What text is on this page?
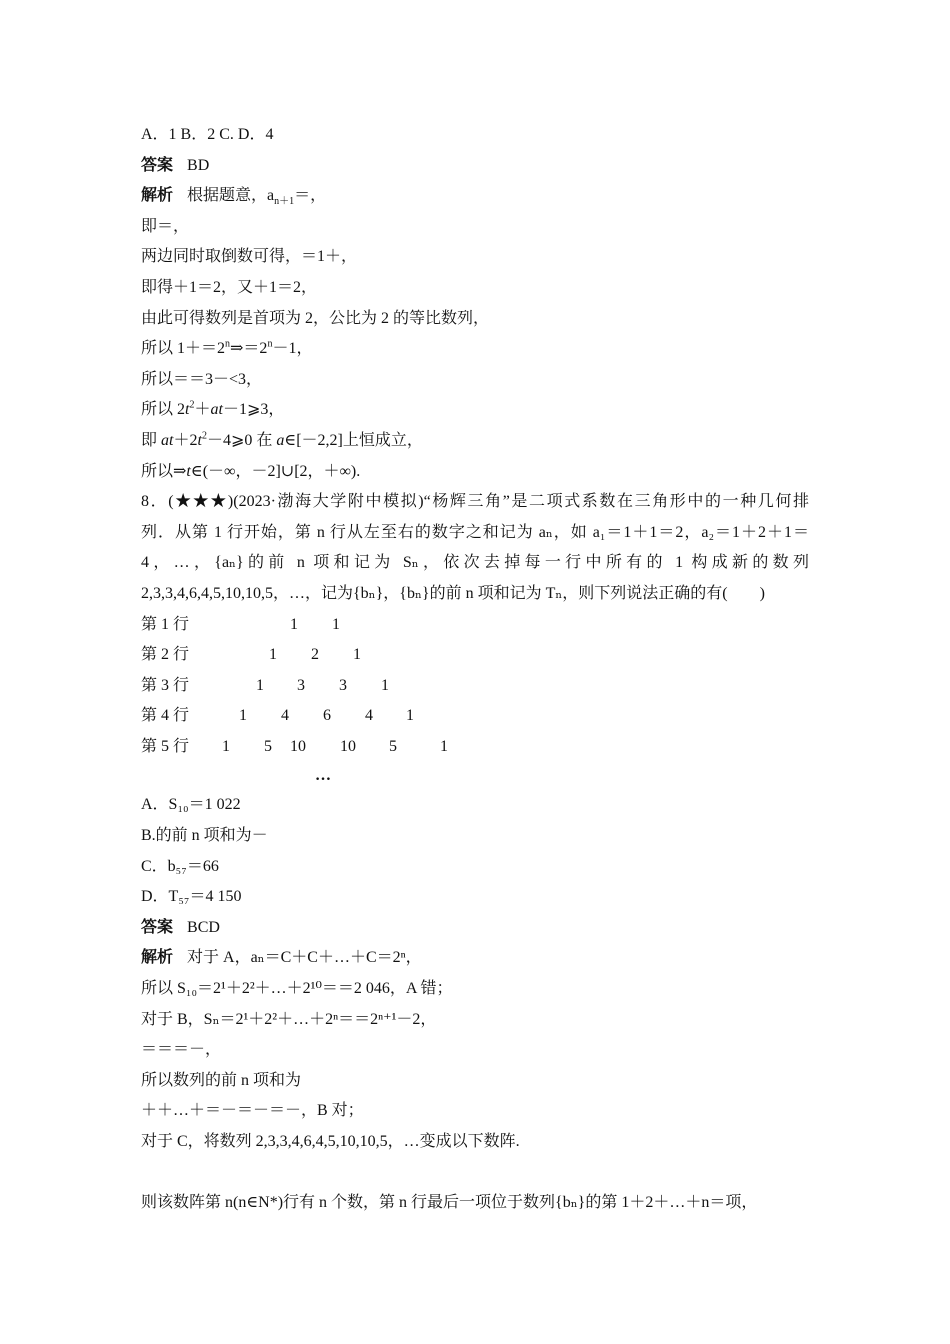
A．1 B．2 C. D．4
答案 BD
解析 根据题意，$a_{n+1}=$，
即＝，
两边同时取倒数可得，＝1＋，
即得＋1＝2，又＋1＝2，
由此可得数列是首项为 2，公比为 2 的等比数列，
所以 $1+=2^n\Rightarrow=2^n-1$，
所以＝＝3－<3，
所以 $2t^2+at-1⩾3$，
即 $at+2t^2-4⩾0$ 在 a∈[－2,2]上恒成立，
所以⇒t∈(－∞，－2]∪[2，＋∞).
8．(★★★)(2023·渤海大学附中模拟)“杨辉三角”是二项式系数在三角形中的一种几何排
列．从第 1 行开始，第 n 行从左至右的数字之和记为 aₙ，如 a₁＝1＋1＝2，a₂＝1＋2＋1＝
4，…，{aₙ}的前 n 项和记为 Sₙ，依次去掉每一行中所有的 1 构成新的数列
2,3,3,4,6,4,5,10,10,5，…，记为{bₙ}，{bₙ}的前 n 项和记为 Tₙ，则下列说法正确的有(　　)
第 1 行	1 1
第 2 行	1 2 1
第 3 行	1 3 3 1
第 4 行	1 4 6 4 1
第 5 行	1 5 10 10 5	1
…
A．S₁₀＝1 022
B.的前 n 项和为－
C．b₅₇＝66
D．T₅₇＝4 150
答案 BCD
解析 对于 A，aₙ＝C＋C＋…＋C＝2ⁿ，
所以 S₁₀＝2¹＋2²＋…＋2¹⁰＝＝2 046，A 错；
对于 B，Sₙ＝2¹＋2²＋…＋2ⁿ＝＝2ⁿ⁺¹－2，
＝＝＝－，
所以数列的前 n 项和为
＋＋…＋＝－＝－＝－，B 对；
对于 C，将数列 2,3,3,4,6,4,5,10,10,5，…变成以下数阵.
则该数阵第 n(n∈N*)行有 n 个数，第 n 行最后一项位于数列{bₙ}的第 1＋2＋…＋n＝项，
